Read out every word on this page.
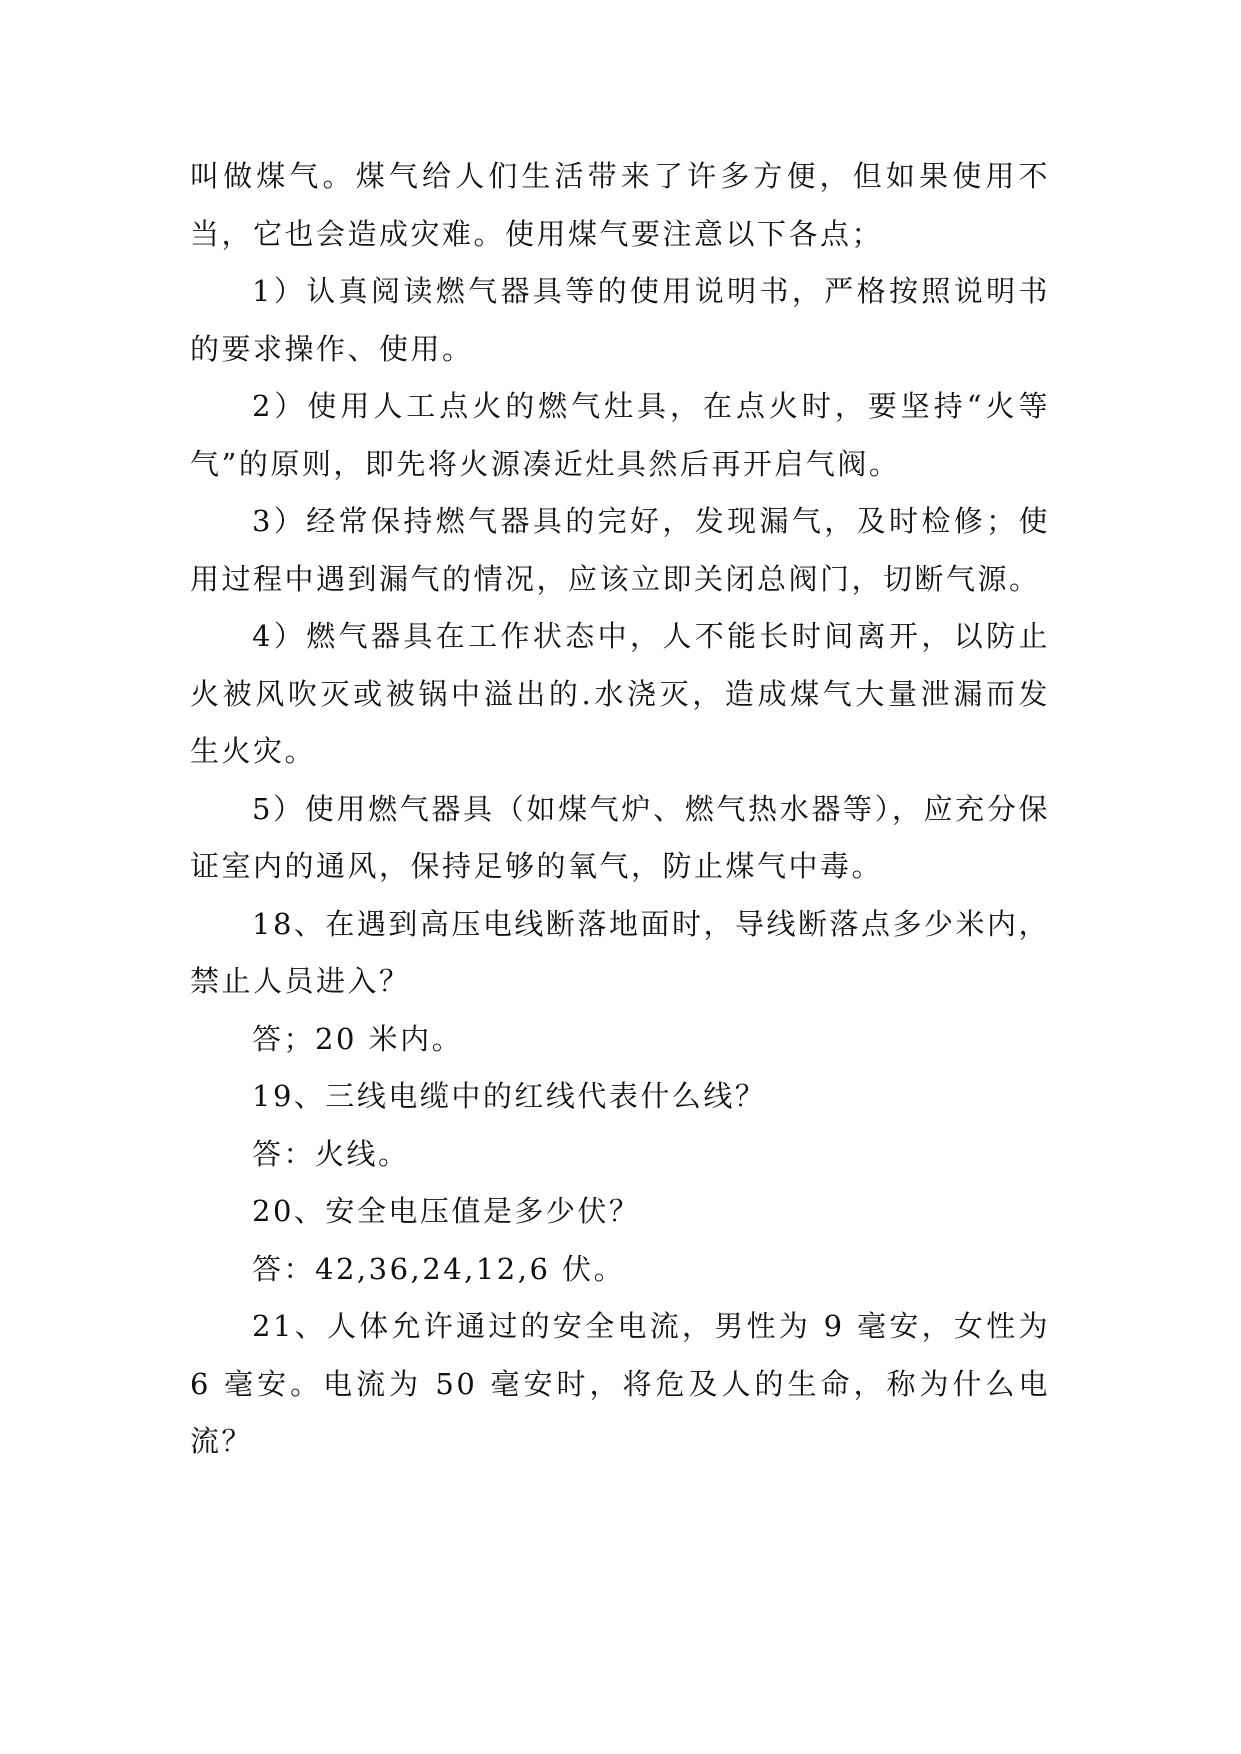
叫做煤气。煤气给人们生活带来了许多方便，但如果使用不当，它也会造成灾难。使用煤气要注意以下各点；

1）认真阅读燃气器具等的使用说明书，严格按照说明书的要求操作、使用。

2）使用人工点火的燃气灶具，在点火时，要坚持“火等气”的原则，即先将火源凑近灶具然后再开启气阀。

3）经常保持燃气器具的完好，发现漏气，及时检修；使用过程中遇到漏气的情况，应该立即关闭总阀门，切断气源。

4）燃气器具在工作状态中，人不能长时间离开，以防止火被风吹灭或被锅中溢出的.水浇灭，造成煤气大量泄漏而发生火灾。

5）使用燃气器具（如煤气炉、燃气热水器等），应充分保证室内的通风，保持足够的氧气，防止煤气中毒。

18、在遇到高压电线断落地面时，导线断落点多少米内，禁止人员进入？

答；20 米内。

19、三线电缆中的红线代表什么线？

答：火线。

20、安全电压值是多少伏？

答：42,36,24,12,6 伏。

21、人体允许通过的安全电流，男性为 9 毫安，女性为 6 毫安。电流为 50 毫安时，将危及人的生命，称为什么电流？
